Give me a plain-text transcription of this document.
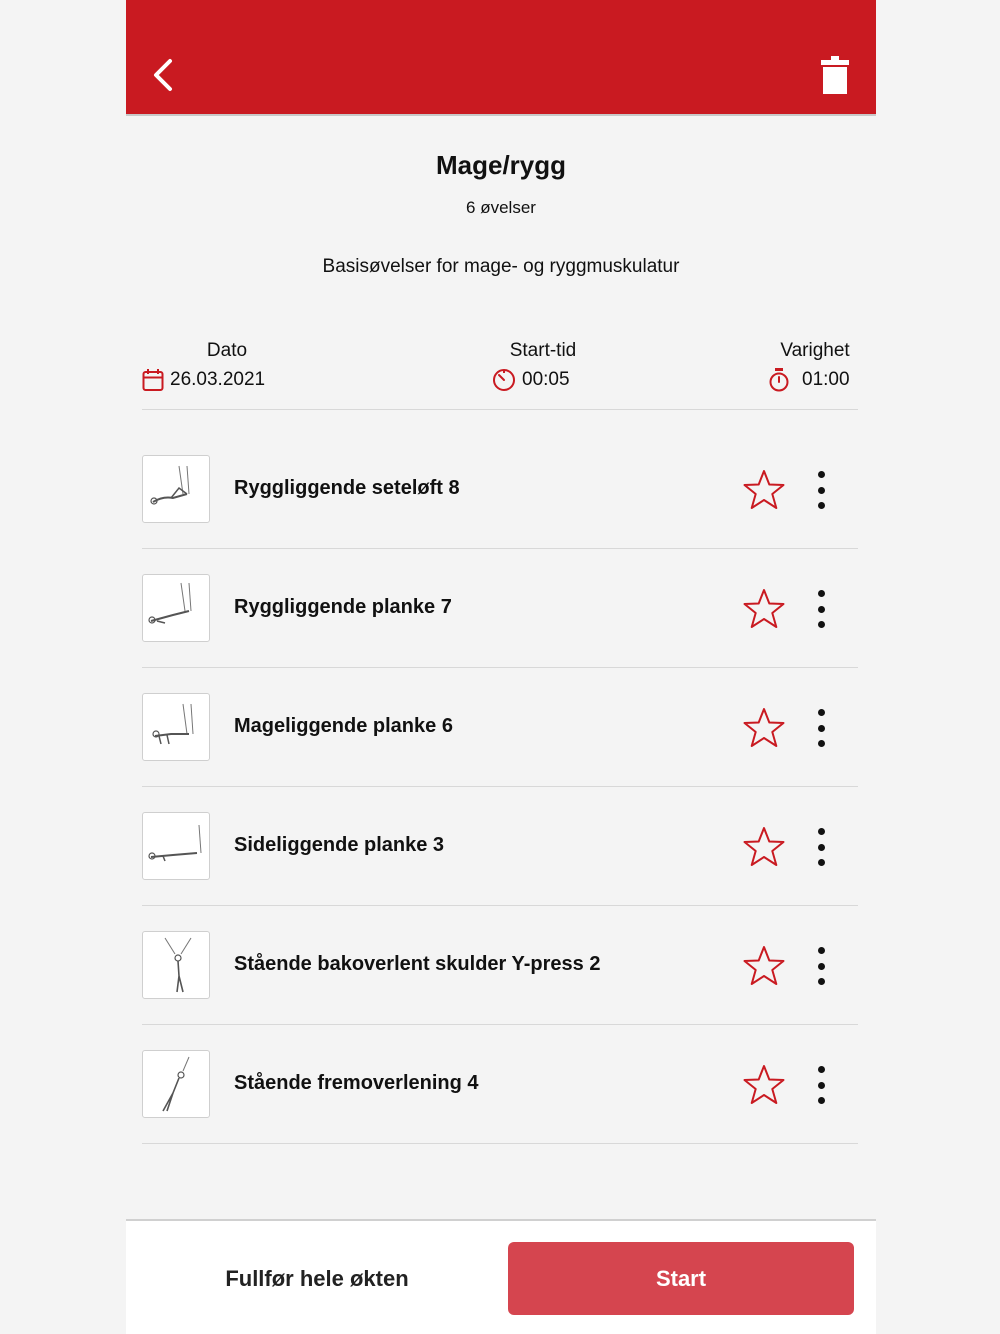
Mage/rygg
6 øvelser
Basisøvelser for mage- og ryggmuskulatur
Dato
26.03.2021
Start-tid
00:05
Varighet
01:00
Ryggliggende seteløft 8
Ryggliggende planke 7
Mageliggende planke 6
Sideliggende planke 3
Stående bakoverlent skulder Y-press 2
Stående fremoverlening 4
Fullfør hele økten	Start
